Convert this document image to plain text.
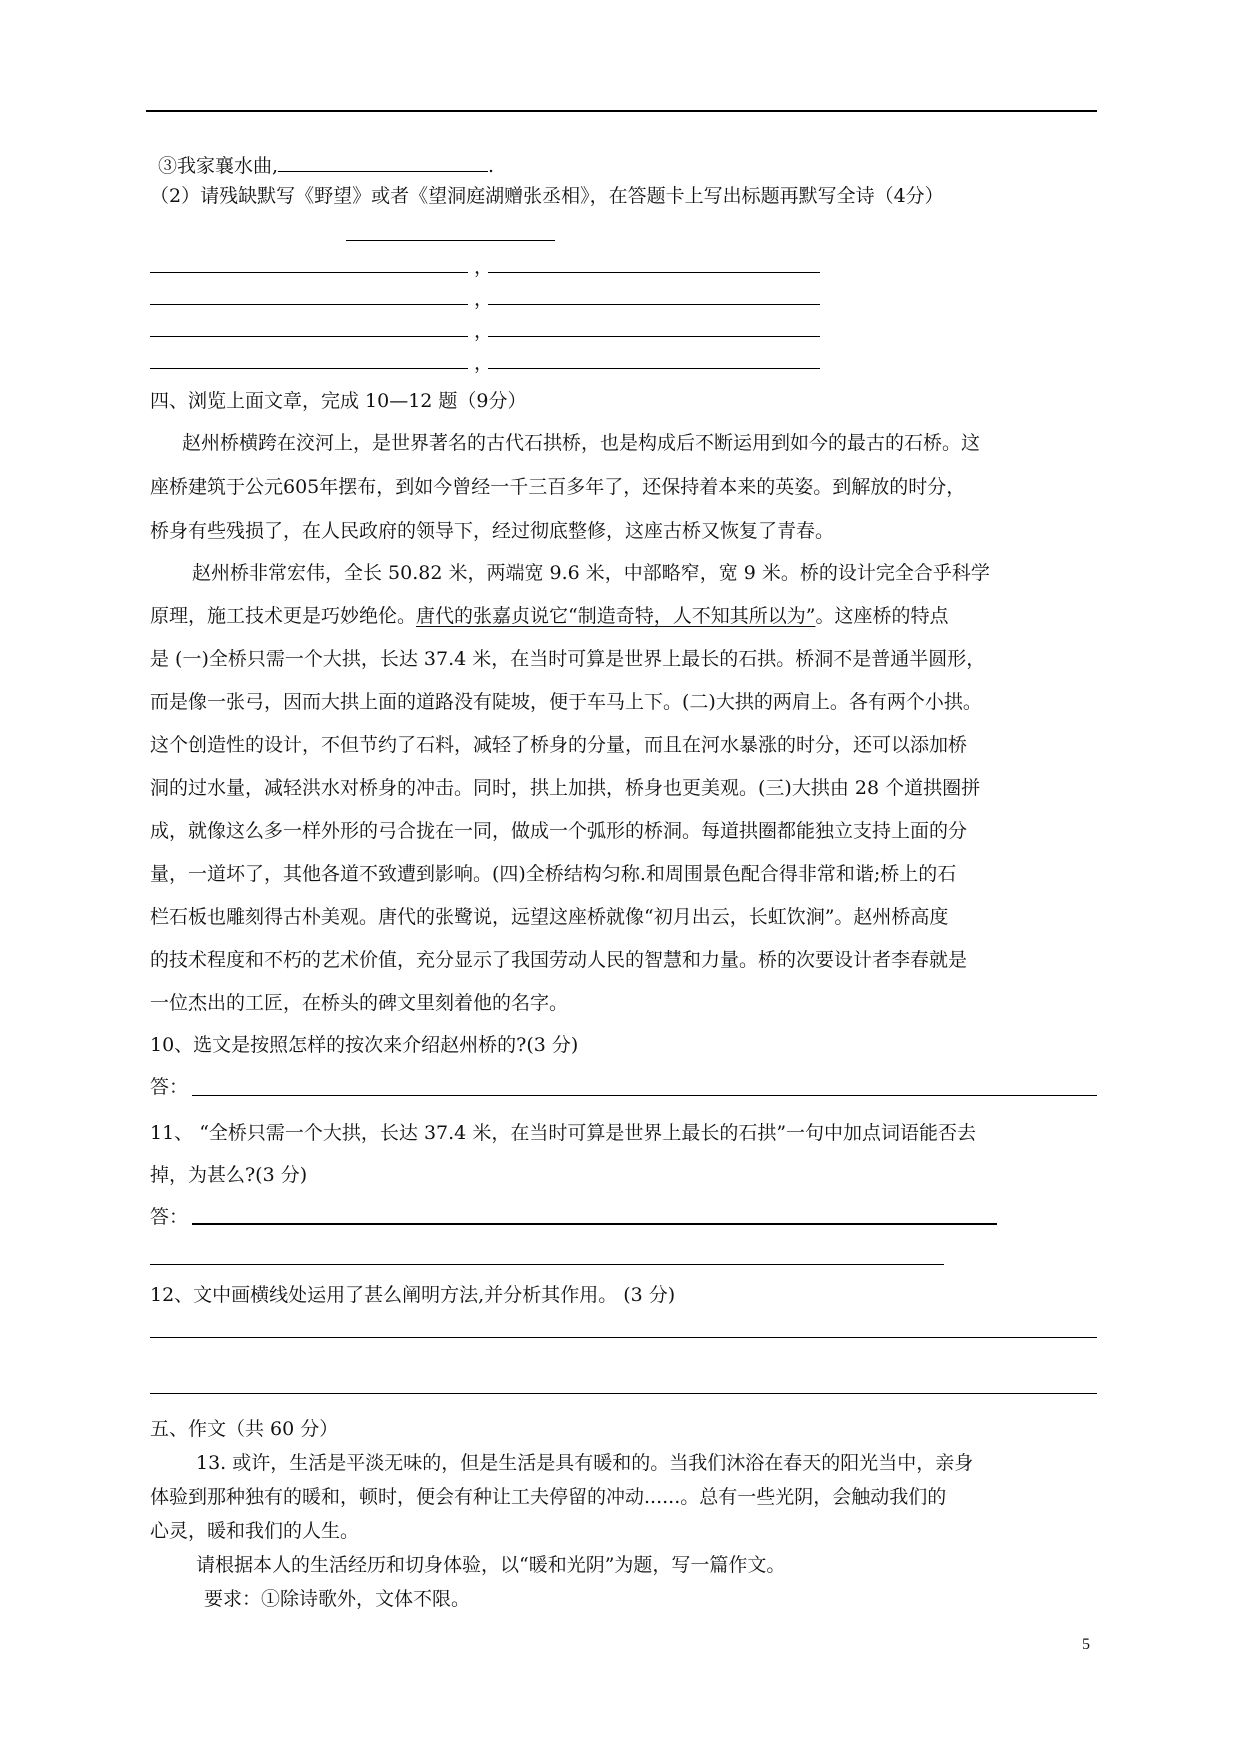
③我家襄水曲,	.
（2）请残缺默写《野望》或者《望洞庭湖赠张丞相》，在答题卡上写出标题再默写全诗（4分）
，
，
，
，
四、浏览上面文章，完成 10—12 题（9分）
赵州桥横跨在洨河上，是世界著名的古代石拱桥，也是构成后不断运用到如今的最古的石桥。这
座桥建筑于公元605年摆布，到如今曾经一千三百多年了，还保持着本来的英姿。到解放的时分，
桥身有些残损了，在人民政府的领导下，经过彻底整修，这座古桥又恢复了青春。
赵州桥非常宏伟，全长 50.82 米，两端宽 9.6 米，中部略窄，宽 9 米。桥的设计完全合乎科学
原理，施工技术更是巧妙绝伦。唐代的张嘉贞说它“制造奇特，人不知其所以为”。这座桥的特点
是 (一)全桥只需一个大拱，长达 37.4 米，在当时可算是世界上最长的石拱。桥洞不是普通半圆形，
而是像一张弓，因而大拱上面的道路没有陡坡，便于车马上下。(二)大拱的两肩上。各有两个小拱。
这个创造性的设计，不但节约了石料，减轻了桥身的分量，而且在河水暴涨的时分，还可以添加桥
洞的过水量，减轻洪水对桥身的冲击。同时，拱上加拱，桥身也更美观。(三)大拱由 28 个道拱圈拼
成，就像这么多一样外形的弓合拢在一同，做成一个弧形的桥洞。每道拱圈都能独立支持上面的分
量，一道坏了，其他各道不致遭到影响。(四)全桥结构匀称.和周围景色配合得非常和谐;桥上的石
栏石板也雕刻得古朴美观。唐代的张鹭说，远望这座桥就像“初月出云，长虹饮涧”。赵州桥高度
的技术程度和不朽的艺术价值，充分显示了我国劳动人民的智慧和力量。桥的次要设计者李春就是
一位杰出的工匠，在桥头的碑文里刻着他的名字。
10、选文是按照怎样的按次来介绍赵州桥的?(3 分)
答：
11、 “全桥只需一个大拱，长达 37.4 米，在当时可算是世界上最长的石拱”一句中加点词语能否去
掉，为甚么?(3 分)
答：
12、文中画横线处运用了甚么阐明方法,并分析其作用。 (3 分)
五、作文（共 60 分）
13. 或许，生活是平淡无味的，但是生活是具有暖和的。当我们沐浴在春天的阳光当中，亲身
体验到那种独有的暖和，顿时，便会有种让工夫停留的冲动......。总有一些光阴，会触动我们的
心灵，暖和我们的人生。
请根据本人的生活经历和切身体验，以“暖和光阴”为题，写一篇作文。
要求：①除诗歌外，文体不限。
5
